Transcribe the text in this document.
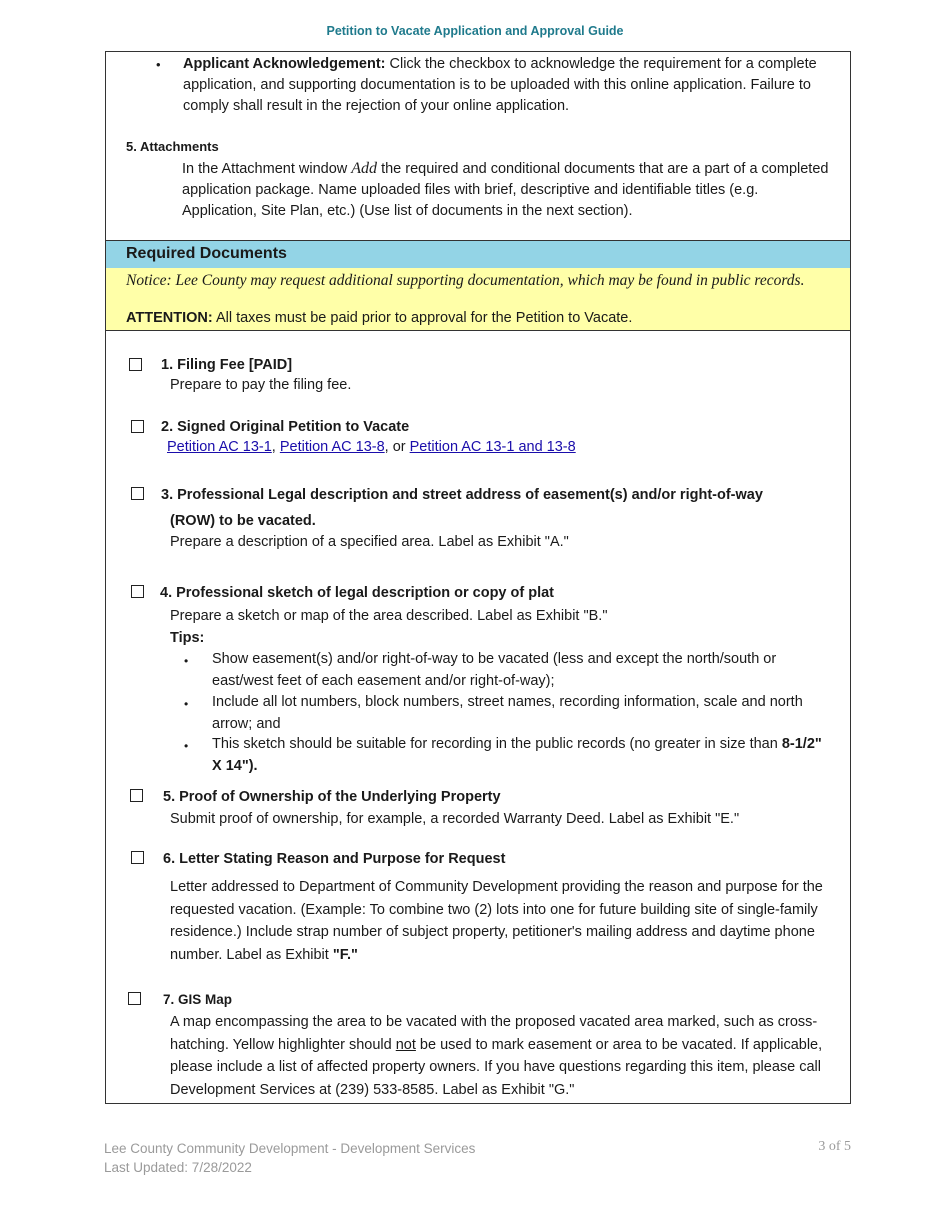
Petition to Vacate Application and Approval Guide
• Applicant Acknowledgement: Click the checkbox to acknowledge the requirement for a complete application, and supporting documentation is to be uploaded with this online application. Failure to comply shall result in the rejection of your online application.
5. Attachments
In the Attachment window Add the required and conditional documents that are a part of a completed application package. Name uploaded files with brief, descriptive and identifiable titles (e.g. Application, Site Plan, etc.) (Use list of documents in the next section).
Required Documents
Notice: Lee County may request additional supporting documentation, which may be found in public records.
ATTENTION: All taxes must be paid prior to approval for the Petition to Vacate.
1. Filing Fee [PAID]
Prepare to pay the filing fee.
2. Signed Original Petition to Vacate
Petition AC 13-1, Petition AC 13-8, or Petition AC 13-1 and 13-8
3. Professional Legal description and street address of easement(s) and/or right-of-way
(ROW) to be vacated.
Prepare a description of a specified area. Label as Exhibit "A."
4. Professional sketch of legal description or copy of plat
Prepare a sketch or map of the area described. Label as Exhibit "B."
Tips:
• Show easement(s) and/or right-of-way to be vacated (less and except the north/south or east/west feet of each easement and/or right-of-way);
• Include all lot numbers, block numbers, street names, recording information, scale and north arrow; and
• This sketch should be suitable for recording in the public records (no greater in size than 8-1/2" X 14").
5. Proof of Ownership of the Underlying Property
Submit proof of ownership, for example, a recorded Warranty Deed. Label as Exhibit "E."
6. Letter Stating Reason and Purpose for Request
Letter addressed to Department of Community Development providing the reason and purpose for the requested vacation. (Example: To combine two (2) lots into one for future building site of single-family residence.) Include strap number of subject property, petitioner's mailing address and daytime phone number. Label as Exhibit "F."
7. GIS Map
A map encompassing the area to be vacated with the proposed vacated area marked, such as cross-hatching. Yellow highlighter should not be used to mark easement or area to be vacated. If applicable, please include a list of affected property owners. If you have questions regarding this item, please call Development Services at (239) 533-8585. Label as Exhibit "G."
Lee County Community Development - Development Services
Last Updated: 7/28/2022
3 of 5
